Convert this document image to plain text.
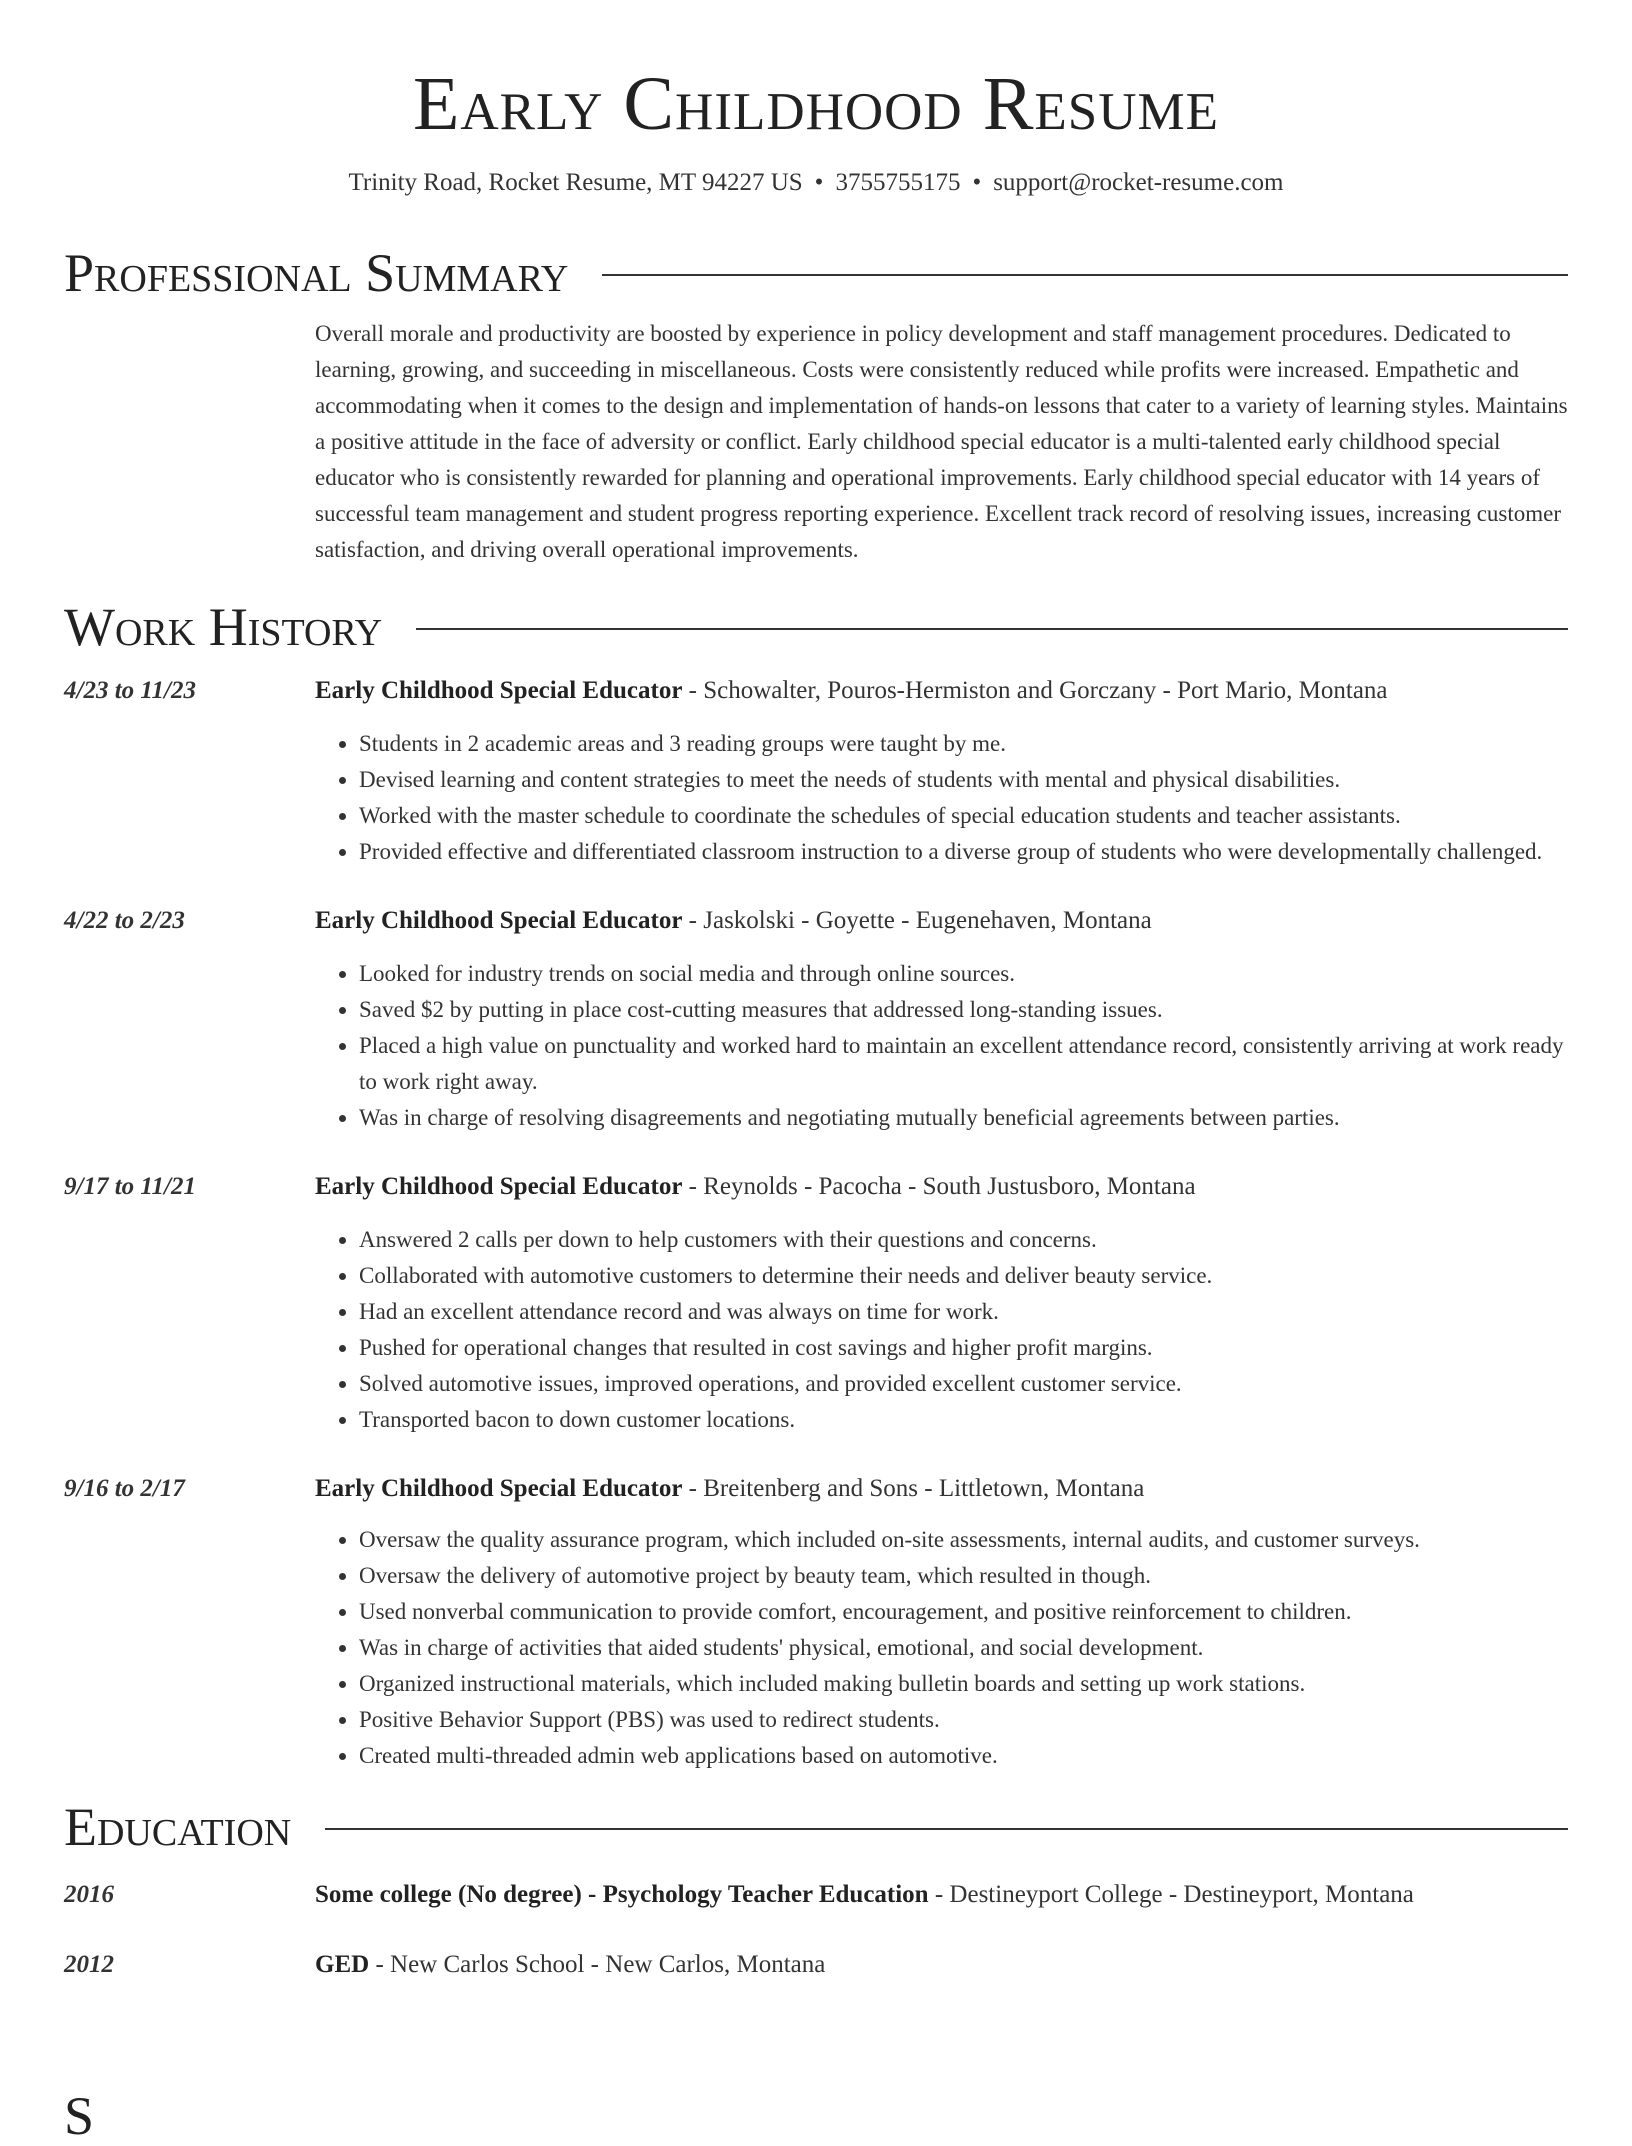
Early Childhood Resume
Trinity Road, Rocket Resume, MT 94227 US • 3755755175 • support@rocket-resume.com
Professional Summary
Overall morale and productivity are boosted by experience in policy development and staff management procedures. Dedicated to learning, growing, and succeeding in miscellaneous. Costs were consistently reduced while profits were increased. Empathetic and accommodating when it comes to the design and implementation of hands-on lessons that cater to a variety of learning styles. Maintains a positive attitude in the face of adversity or conflict. Early childhood special educator is a multi-talented early childhood special educator who is consistently rewarded for planning and operational improvements. Early childhood special educator with 14 years of successful team management and student progress reporting experience. Excellent track record of resolving issues, increasing customer satisfaction, and driving overall operational improvements.
Work History
4/23 to 11/23	Early Childhood Special Educator - Schowalter, Pouros-Hermiston and Gorczany - Port Mario, Montana
• Students in 2 academic areas and 3 reading groups were taught by me.
• Devised learning and content strategies to meet the needs of students with mental and physical disabilities.
• Worked with the master schedule to coordinate the schedules of special education students and teacher assistants.
• Provided effective and differentiated classroom instruction to a diverse group of students who were developmentally challenged.
4/22 to 2/23	Early Childhood Special Educator - Jaskolski - Goyette - Eugenehaven, Montana
• Looked for industry trends on social media and through online sources.
• Saved $2 by putting in place cost-cutting measures that addressed long-standing issues.
• Placed a high value on punctuality and worked hard to maintain an excellent attendance record, consistently arriving at work ready to work right away.
• Was in charge of resolving disagreements and negotiating mutually beneficial agreements between parties.
9/17 to 11/21	Early Childhood Special Educator - Reynolds - Pacocha - South Justusboro, Montana
• Answered 2 calls per down to help customers with their questions and concerns.
• Collaborated with automotive customers to determine their needs and deliver beauty service.
• Had an excellent attendance record and was always on time for work.
• Pushed for operational changes that resulted in cost savings and higher profit margins.
• Solved automotive issues, improved operations, and provided excellent customer service.
• Transported bacon to down customer locations.
9/16 to 2/17	Early Childhood Special Educator - Breitenberg and Sons - Littletown, Montana
• Oversaw the quality assurance program, which included on-site assessments, internal audits, and customer surveys.
• Oversaw the delivery of automotive project by beauty team, which resulted in though.
• Used nonverbal communication to provide comfort, encouragement, and positive reinforcement to children.
• Was in charge of activities that aided students' physical, emotional, and social development.
• Organized instructional materials, which included making bulletin boards and setting up work stations.
• Positive Behavior Support (PBS) was used to redirect students.
• Created multi-threaded admin web applications based on automotive.
Education
2016	Some college (No degree) - Psychology Teacher Education - Destineyport College - Destineyport, Montana
2012	GED - New Carlos School - New Carlos, Montana
S
